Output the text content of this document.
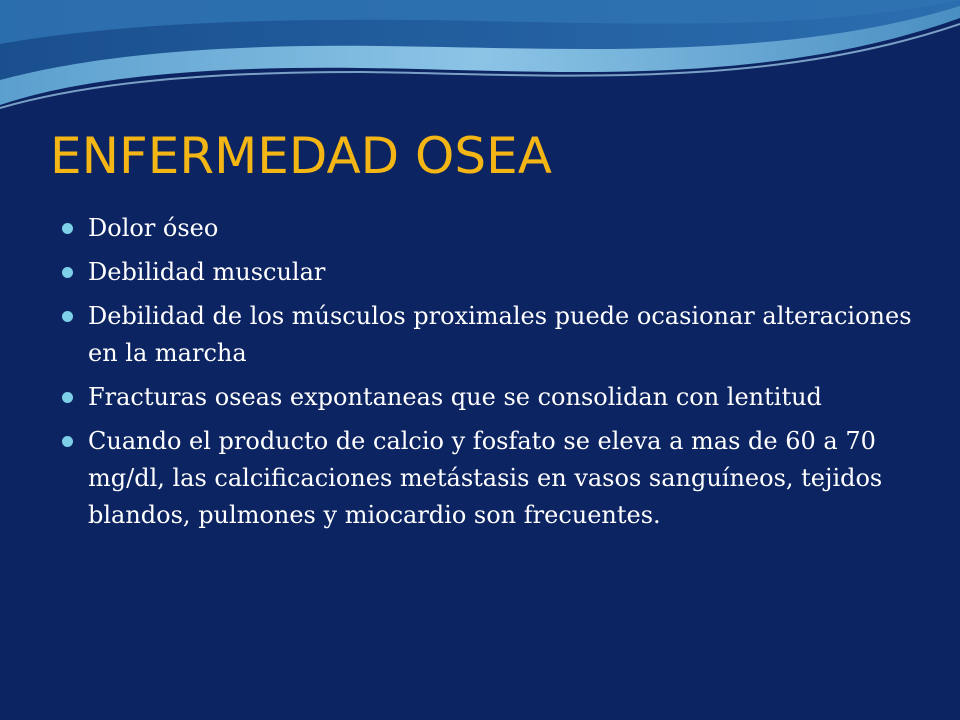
ENFERMEDAD OSEA
Dolor óseo
Debilidad muscular
Debilidad de los músculos proximales puede ocasionar alteraciones en la marcha
Fracturas oseas expontaneas que se consolidan con lentitud
Cuando el producto de calcio y fosfato se eleva a mas de 60 a 70 mg/dl, las calcificaciones metástasis en vasos sanguíneos, tejidos blandos, pulmones y miocardio son frecuentes.
